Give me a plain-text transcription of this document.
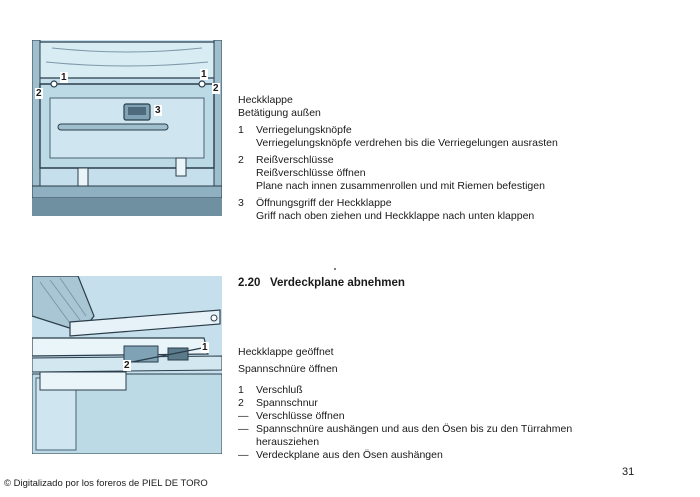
1	1
2	2
3
Heckklappe
Betätigung außen
1	Verriegelungsknöpfe
Verriegelungsknöpfe verdrehen bis die Verriegelungen ausrasten
2	Reißverschlüsse
Reißverschlüsse öffnen
Plane nach innen zusammenrollen und mit Riemen befestigen
3	Öffnungsgriff der Heckklappe
Griff nach oben ziehen und Heckklappe nach unten klappen
2.20 Verdeckplane abnehmen
1
2
Heckklappe geöffnet
Spannschnüre öffnen
1	Verschluß
2	Spannschnur
— Verschlüsse öffnen
— Spannschnüre aushängen und aus den Ösen bis zu den Türrahmen
herausziehen
— Verdeckplane aus den Ösen aushängen
31
© Digitalizado por los foreros de PIEL DE TORO
